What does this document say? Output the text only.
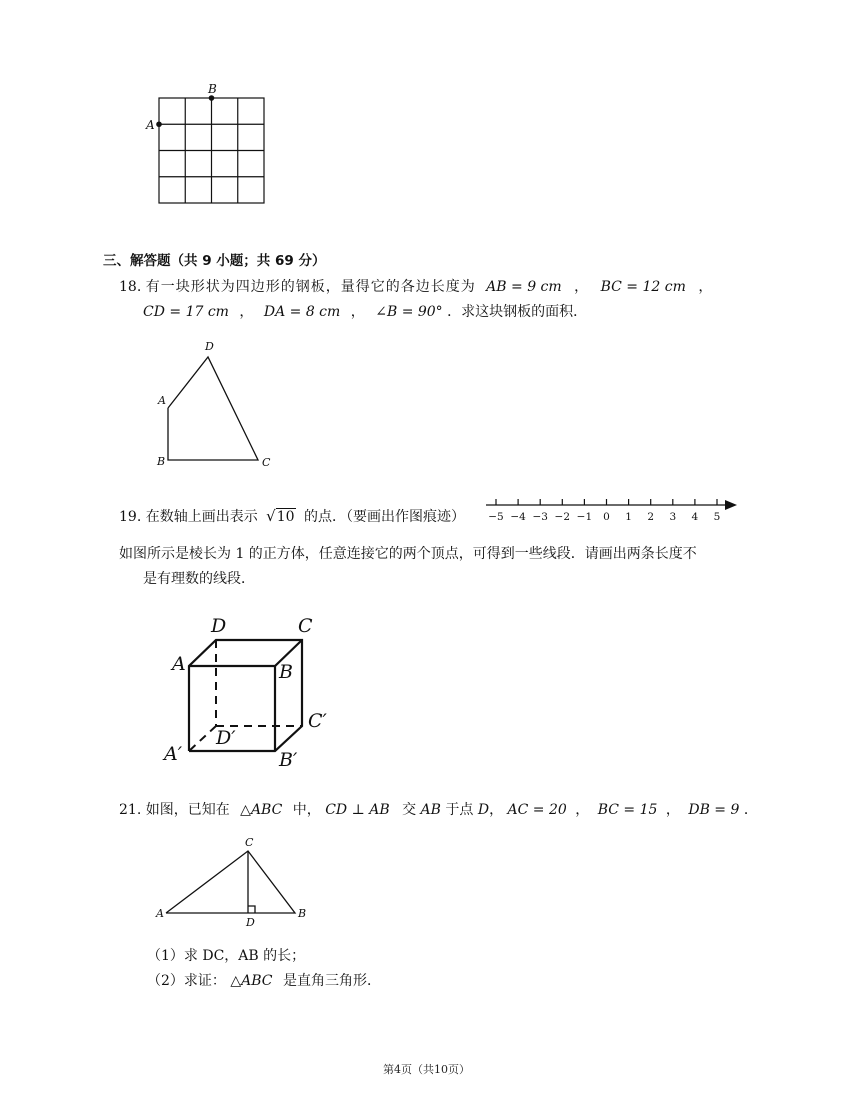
A
B
三、解答题（共 9 小题；共 69 分）
18. 有一块形状为四边形的钢板，量得它的各边长度为 AB = 9 cm ， BC = 12 cm ，
CD = 17 cm ， DA = 8 cm ， ∠B = 90° ．求这块钢板的面积．
D
A
B	C
19. 在数轴上画出表示 √10 的点．（要画出作图痕迹） −5 −4 −3 −2 −1 0 1 2 3 4 5
如图所示是棱长为 1 的正方体，任意连接它的两个顶点，可得到一些线段．请画出两条长度不
是有理数的线段．
D	C
A	B
C′
D′
A′	B′
21. 如图，已知在 △ABC 中， CD ⊥ AB 交 AB 于点 D， AC = 20 ， BC = 15 ， DB = 9 ．
C
A	B
D
（1）求 DC，AB 的长；
（2）求证： △ABC 是直角三角形．
第4页（共10页）
